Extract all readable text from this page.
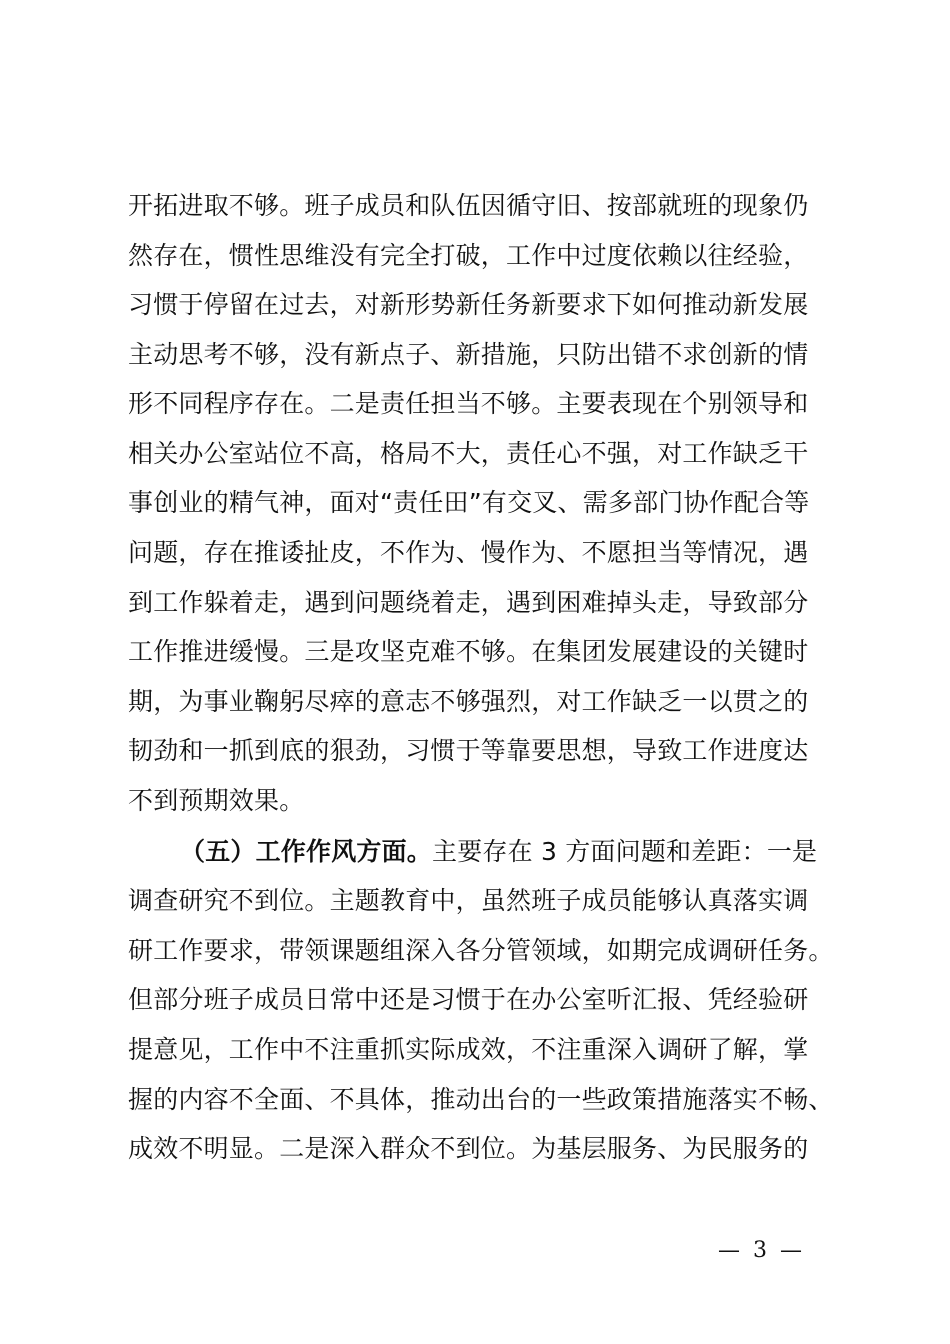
开拓进取不够。班子成员和队伍因循守旧、按部就班的现象仍
然存在，惯性思维没有完全打破，工作中过度依赖以往经验，
习惯于停留在过去，对新形势新任务新要求下如何推动新发展
主动思考不够，没有新点子、新措施，只防出错不求创新的情
形不同程序存在。二是责任担当不够。主要表现在个别领导和
相关办公室站位不高，格局不大，责任心不强，对工作缺乏干
事创业的精气神，面对“责任田”有交叉、需多部门协作配合等
问题，存在推诿扯皮，不作为、慢作为、不愿担当等情况，遇
到工作躲着走，遇到问题绕着走，遇到困难掉头走，导致部分
工作推进缓慢。三是攻坚克难不够。在集团发展建设的关键时
期，为事业鞠躬尽瘁的意志不够强烈，对工作缺乏一以贯之的
韧劲和一抓到底的狠劲，习惯于等靠要思想，导致工作进度达
不到预期效果。
（五）工作作风方面。主要存在 3 方面问题和差距：一是
调查研究不到位。主题教育中，虽然班子成员能够认真落实调
研工作要求，带领课题组深入各分管领域，如期完成调研任务。
但部分班子成员日常中还是习惯于在办公室听汇报、凭经验研
提意见，工作中不注重抓实际成效，不注重深入调研了解，掌
握的内容不全面、不具体，推动出台的一些政策措施落实不畅、
成效不明显。二是深入群众不到位。为基层服务、为民服务的
— 3 —
